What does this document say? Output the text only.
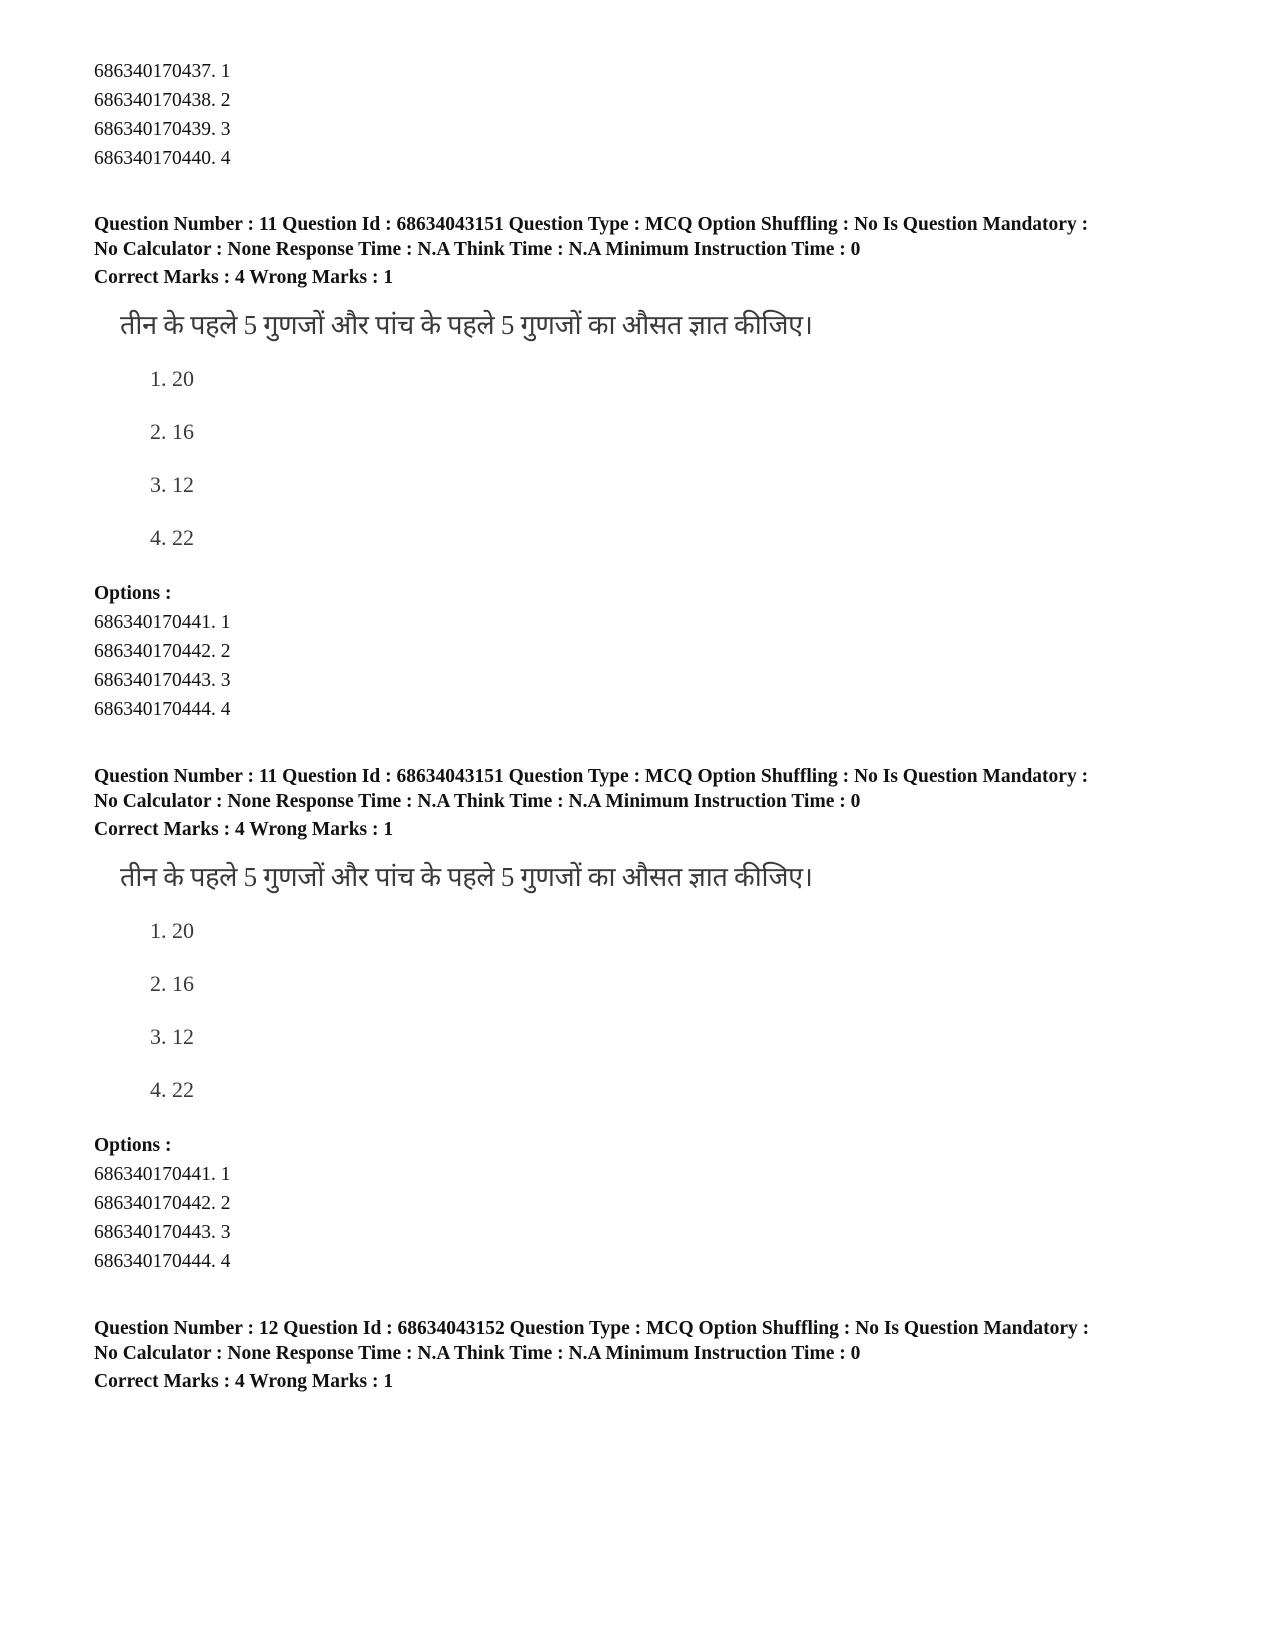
686340170437. 1
686340170438. 2
686340170439. 3
686340170440. 4
Question Number : 11 Question Id : 68634043151 Question Type : MCQ Option Shuffling : No Is Question Mandatory :
No Calculator : None Response Time : N.A Think Time : N.A Minimum Instruction Time : 0
Correct Marks : 4 Wrong Marks : 1
तीन के पहले 5 गुणजों और पांच के पहले 5 गुणजों का औसत ज्ञात कीजिए।
1. 20
2. 16
3. 12
4. 22
Options :
686340170441. 1
686340170442. 2
686340170443. 3
686340170444. 4
Question Number : 11 Question Id : 68634043151 Question Type : MCQ Option Shuffling : No Is Question Mandatory :
No Calculator : None Response Time : N.A Think Time : N.A Minimum Instruction Time : 0
Correct Marks : 4 Wrong Marks : 1
तीन के पहले 5 गुणजों और पांच के पहले 5 गुणजों का औसत ज्ञात कीजिए।
1. 20
2. 16
3. 12
4. 22
Options :
686340170441. 1
686340170442. 2
686340170443. 3
686340170444. 4
Question Number : 12 Question Id : 68634043152 Question Type : MCQ Option Shuffling : No Is Question Mandatory :
No Calculator : None Response Time : N.A Think Time : N.A Minimum Instruction Time : 0
Correct Marks : 4 Wrong Marks : 1
